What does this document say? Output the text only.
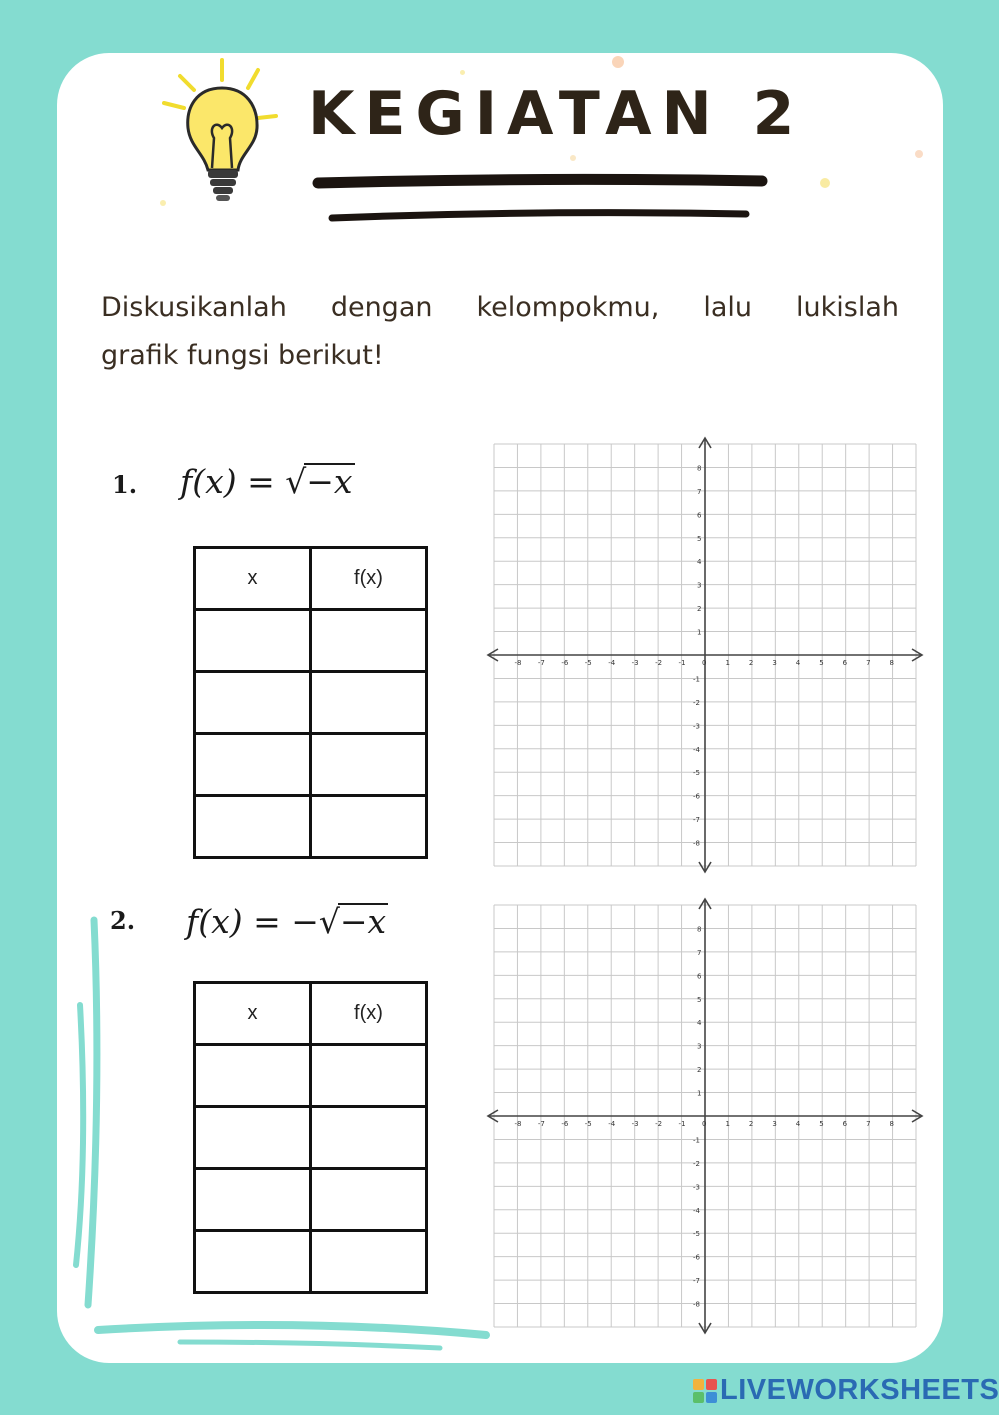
KEGIATAN 2
Diskusikanlah dengan kelompokmu, lalu lukislah
grafik fungsi berikut!
1. f(x) = √−x
x	f(x)

-8 -7 -6 -5 -4 -3 -2 -1 0	1	2	3	4	5	6	7	8
8
7
6
5
4
3
2
1
-1
-2
-3
-4
-5
-6
-7
-8
2. f(x) = −√−x
x	f(x)

-8 -7 -6 -5 -4 -3 -2 -1 0	1	2	3	4	5	6	7	8
8
7
6
5
4
3
2
1
-1
-2
-3
-4
-5
-6
-7
-8
LIVEWORKSHEETS
